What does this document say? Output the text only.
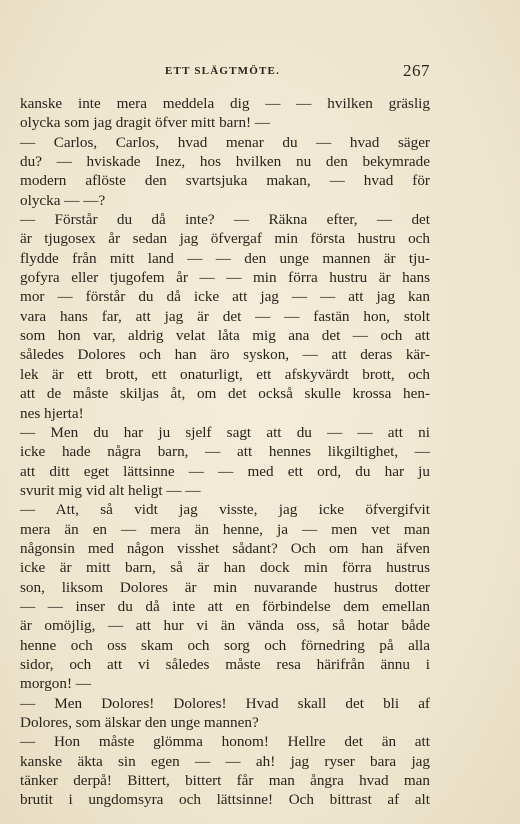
ETT SLÄGTMÖTE.	267
kanske inte mera meddela dig — — hvilken gräslig
olycka som jag dragit öfver mitt barn! —
— Carlos, Carlos, hvad menar du — hvad säger
du? — hviskade Inez, hos hvilken nu den bekymrade
modern aflöste den svartsjuka makan, — hvad för
olycka — —?
— Förstår du då inte? — Räkna efter, — det
är tjugosex år sedan jag öfvergaf min första hustru och
flydde från mitt land — — den unge mannen är tju-
gofyra eller tjugofem år — — min förra hustru är hans
mor — förstår du då icke att jag — — att jag kan
vara hans far, att jag är det — — fastän hon, stolt
som hon var, aldrig velat låta mig ana det — och att
således Dolores och han äro syskon, — att deras kär-
lek är ett brott, ett onaturligt, ett afskyvärdt brott, och
att de måste skiljas åt, om det också skulle krossa hen-
nes hjerta!
— Men du har ju sjelf sagt att du — — att ni
icke hade några barn, — att hennes likgiltighet, —
att ditt eget lättsinne — — med ett ord, du har ju
svurit mig vid alt heligt — —
— Att, så vidt jag visste, jag icke öfvergifvit
mera än en — mera än henne, ja — men vet man
någonsin med någon visshet sådant? Och om han äfven
icke är mitt barn, så är han dock min förra hustrus
son, liksom Dolores är min nuvarande hustrus dotter
— — inser du då inte att en förbindelse dem emellan
är omöjlig, — att hur vi än vända oss, så hotar både
henne och oss skam och sorg och förnedring på alla
sidor, och att vi således måste resa härifrån ännu i
morgon! —
— Men Dolores! Dolores! Hvad skall det bli af
Dolores, som älskar den unge mannen?
— Hon måste glömma honom! Hellre det än att
kanske äkta sin egen — — ah! jag ryser bara jag
tänker derpå! Bittert, bittert får man ångra hvad man
brutit i ungdomsyra och lättsinne! Och bittrast af alt
